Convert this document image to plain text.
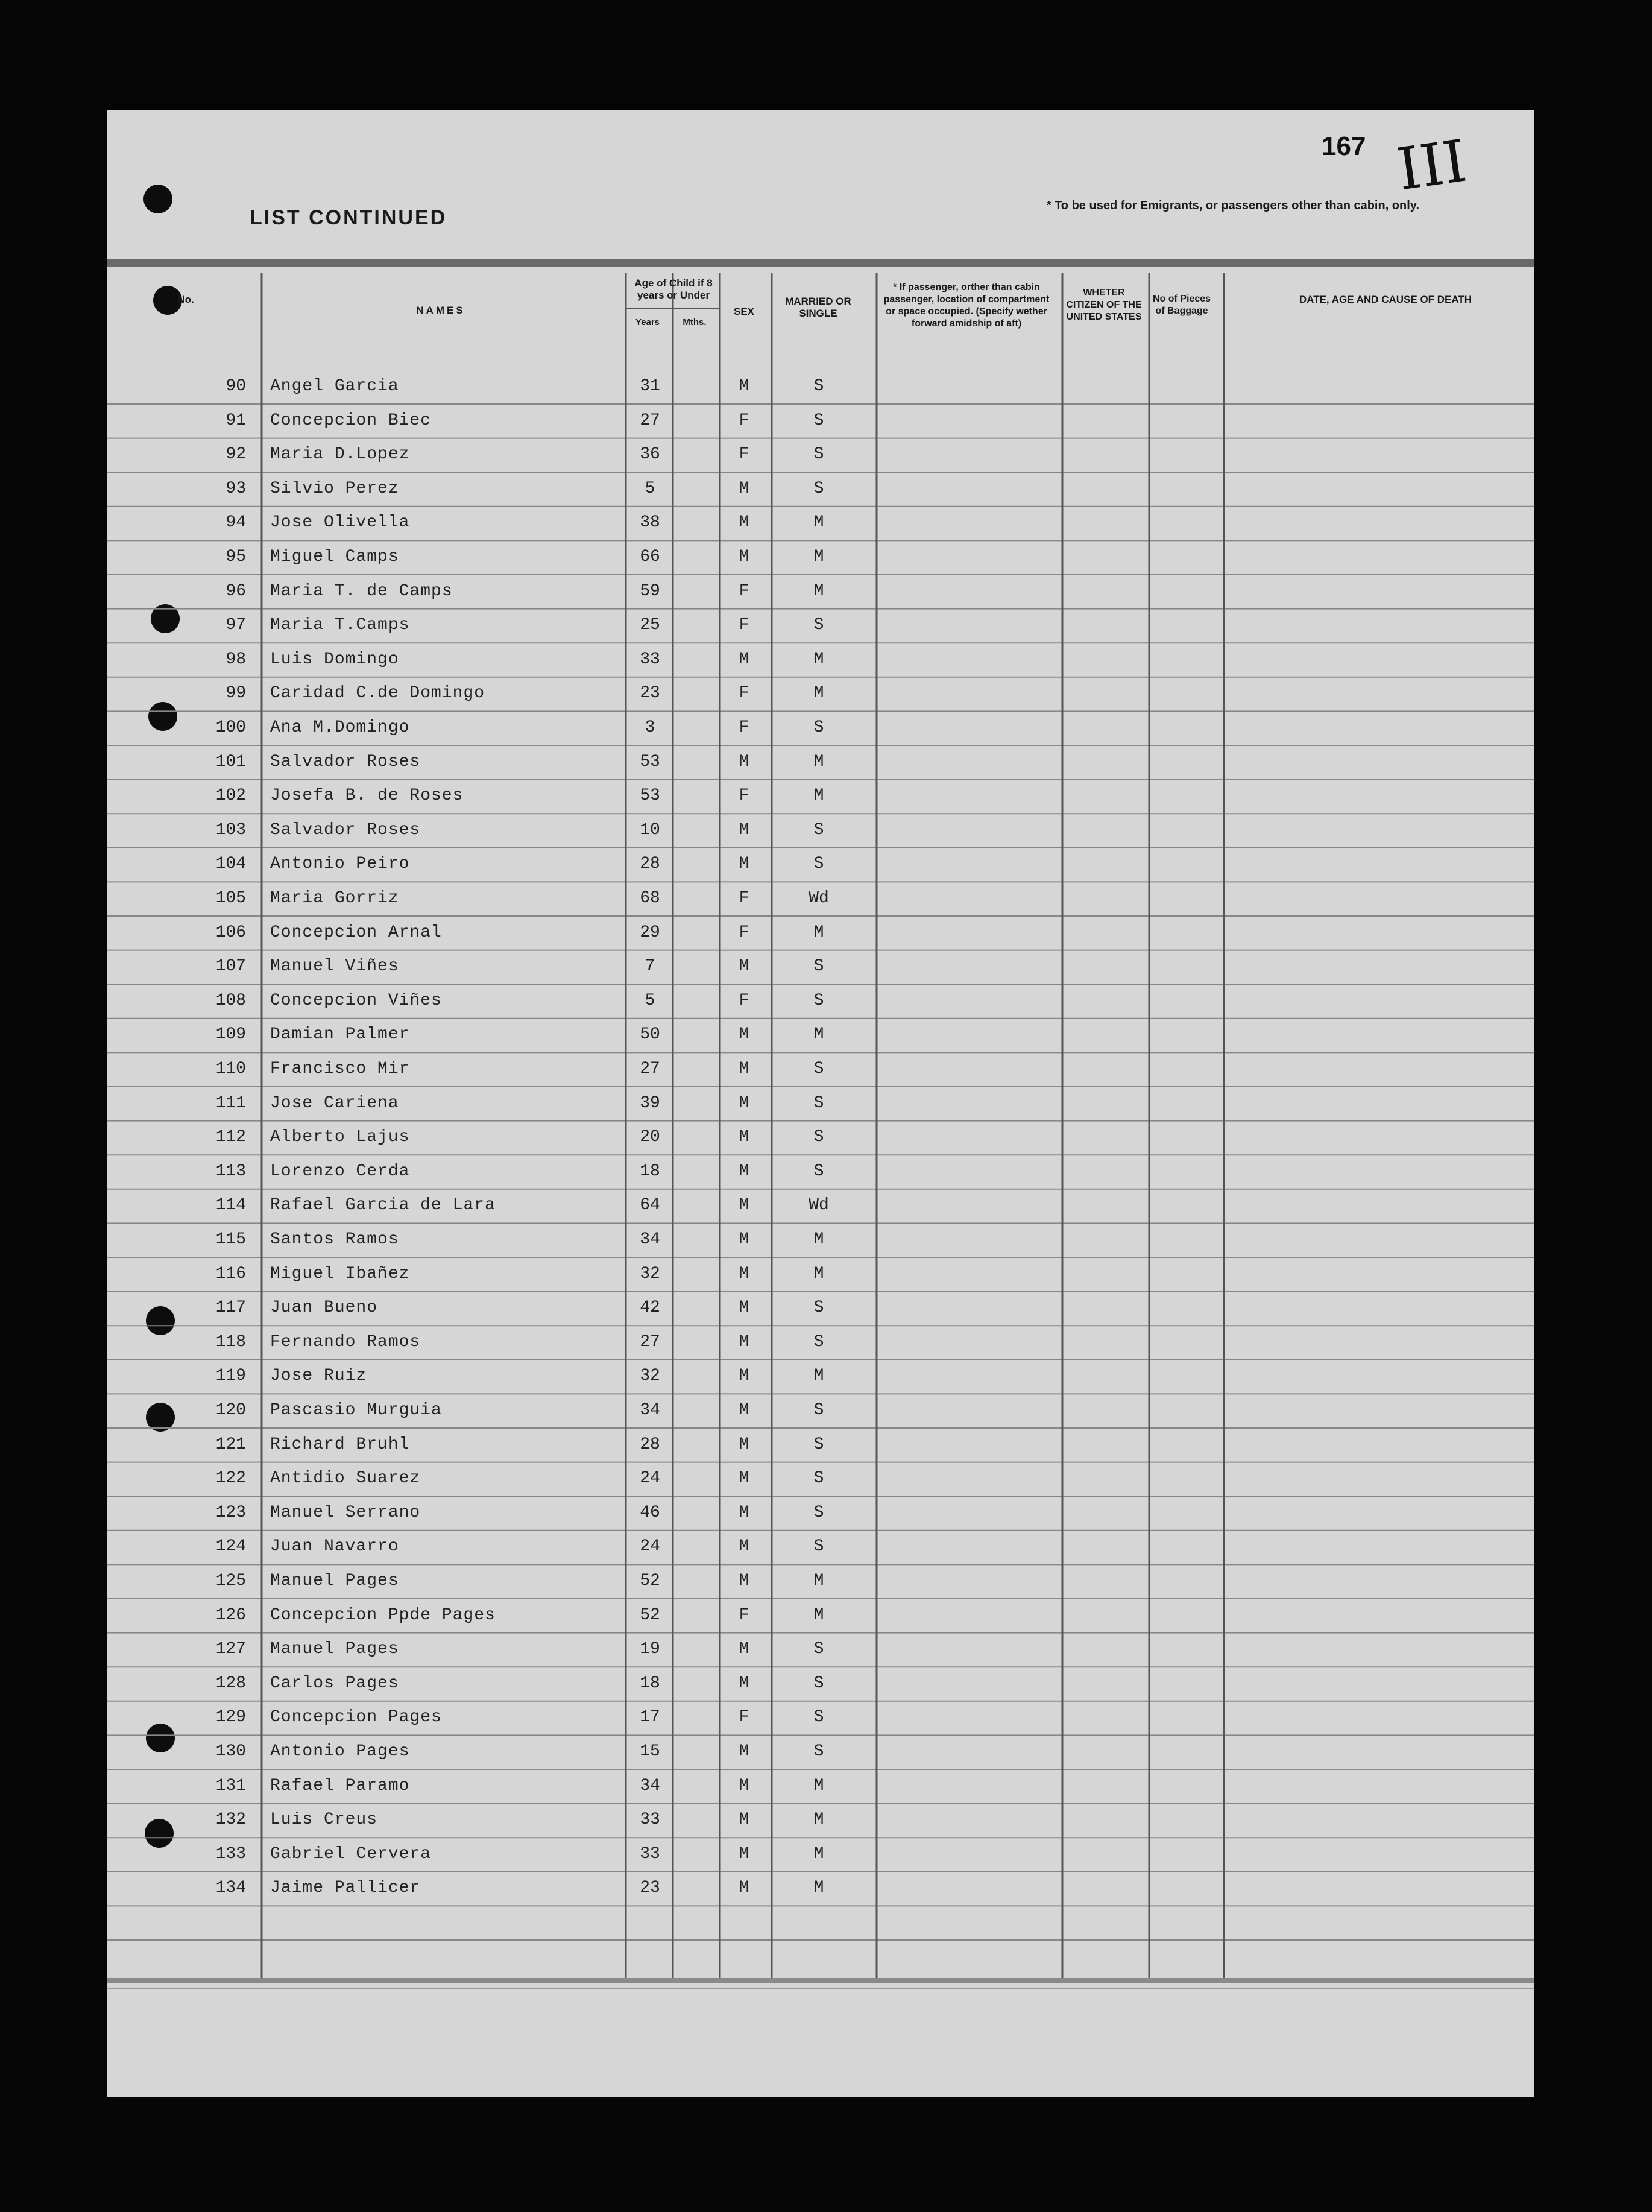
LIST CONTINUED
* To be used for Emigrants, or passengers other than cabin, only.
167 III
No.
NAMES
Age of Child if 8 years or Under
Years	Mths.
SEX
MARRIED OR SINGLE
* If passenger, orther than cabin passenger, location of compartment or space occupied. (Specify wether forward amidship of aft)
WHETER CITIZEN OF THE UNITED STATES
No of Pieces of Baggage
DATE, AGE AND CAUSE OF DEATH
90 Angel Garcia	31	M	S
91 Concepcion Biec	27	F	S
92 Maria D.Lopez	36	F	S
93 Silvio Perez	5	M	S
94 Jose Olivella	38	M	M
95 Miguel Camps	66	M	M
96 Maria T. de Camps	59	F	M
97 Maria T.Camps	25	F	S
98 Luis Domingo	33	M	M
99 Caridad C.de Domingo	23	F	M
100 Ana M.Domingo	3	F	S
101 Salvador Roses	53	M	M
102 Josefa B. de Roses	53	F	M
103 Salvador Roses	10	M	S
104 Antonio Peiro	28	M	S
105 Maria Gorriz	68	F	Wd
106 Concepcion Arnal	29	F	M
107 Manuel Viñes	7	M	S
108 Concepcion Viñes	5	F	S
109 Damian Palmer	50	M	M
110 Francisco Mir	27	M	S
111 Jose Cariena	39	M	S
112 Alberto Lajus	20	M	S
113 Lorenzo Cerda	18	M	S
114 Rafael Garcia de Lara	64	M	Wd
115 Santos Ramos	34	M	M
116 Miguel Ibañez	32	M	M
117 Juan Bueno	42	M	S
118 Fernando Ramos	27	M	S
119 Jose Ruiz	32	M	M
120 Pascasio Murguia	34	M	S
121 Richard Bruhl	28	M	S
122 Antidio Suarez	24	M	S
123 Manuel Serrano	46	M	S
124 Juan Navarro	24	M	S
125 Manuel Pages	52	M	M
126 Concepcion Ppde Pages	52	F	M
127 Manuel Pages	19	M	S
128 Carlos Pages	18	M	S
129 Concepcion Pages	17	F	S
130 Antonio Pages	15	M	S
131 Rafael Paramo	34	M	M
132 Luis Creus	33	M	M
133 Gabriel Cervera	33	M	M
134 Jaime Pallicer	23	M	M
